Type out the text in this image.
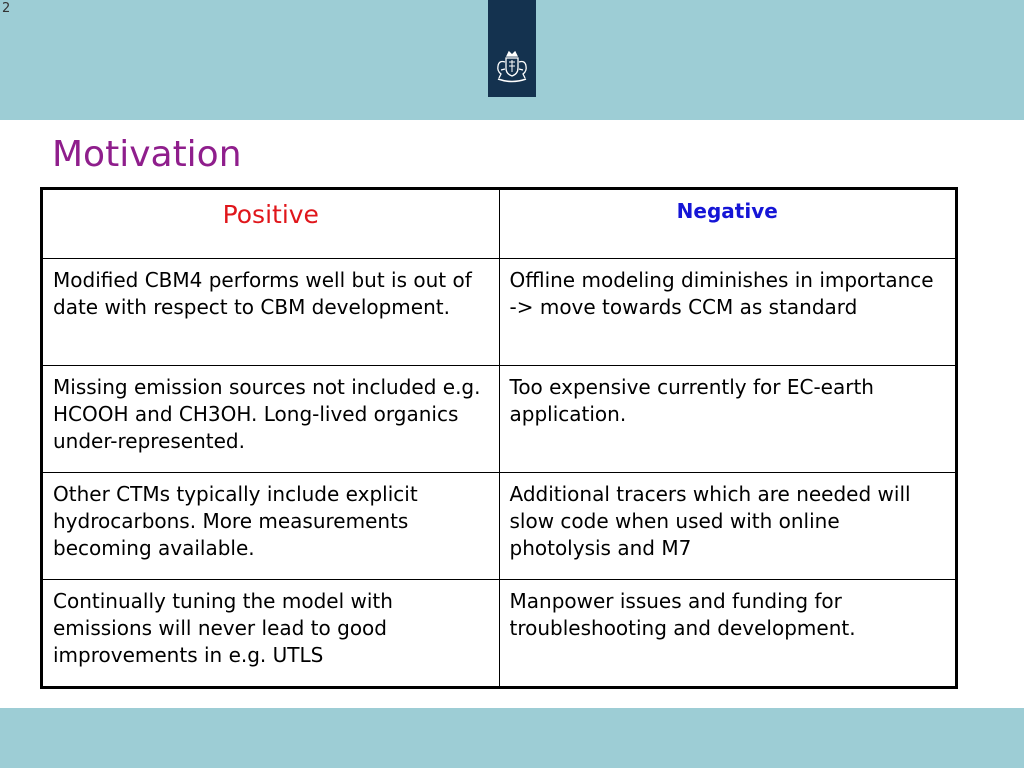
2
Motivation
Positive	Negative
Modified CBM4 performs well but is out of date with respect to CBM development.	Offline modeling diminishes in importance -> move towards CCM as standard
Missing emission sources not included e.g. HCOOH and CH3OH. Long-lived organics under-represented.	Too expensive currently for EC-earth application.
Other CTMs typically include explicit hydrocarbons. More measurements becoming available.	Additional tracers which are needed will slow code when used with online photolysis and M7
Continually tuning the model with emissions will never lead to good improvements in e.g. UTLS	Manpower issues and funding for troubleshooting and development.
